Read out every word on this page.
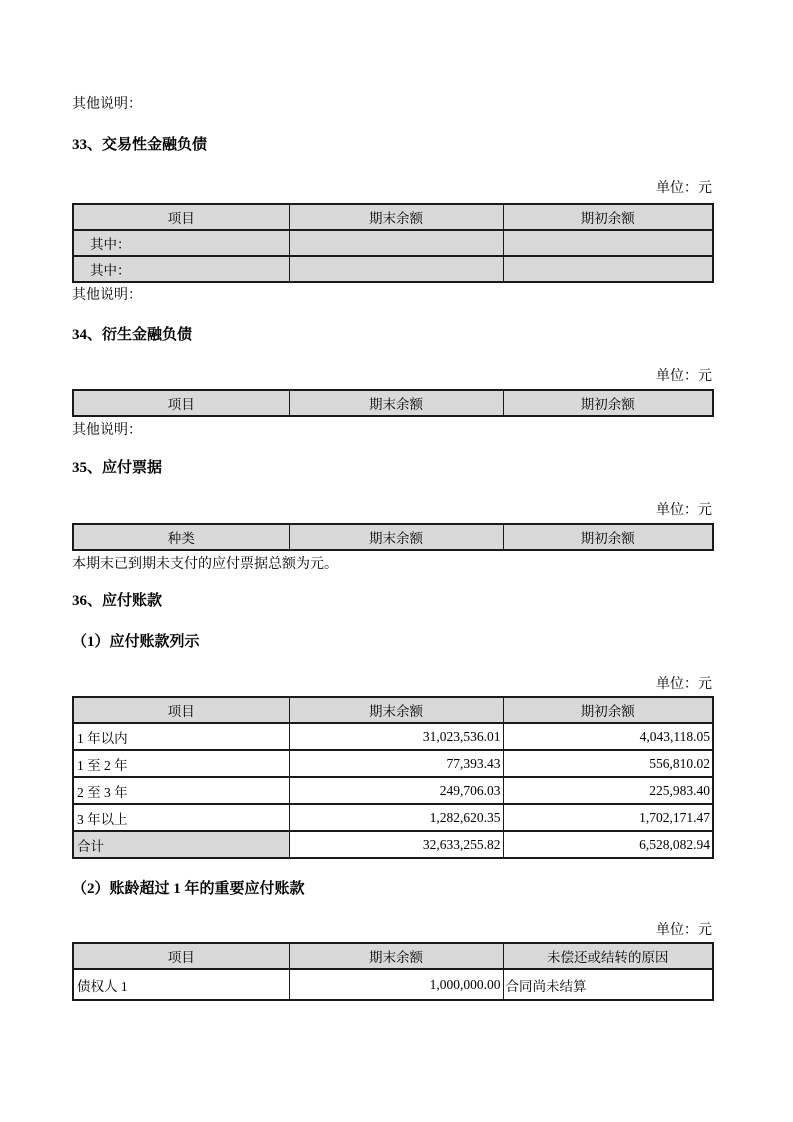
其他说明：

33、交易性金融负债

单位：元

项目	期末余额	期初余额
其中：		
其中：		

其他说明：

34、衍生金融负债

单位：元

项目	期末余额	期初余额

其他说明：

35、应付票据

单位：元

种类	期末余额	期初余额

本期末已到期未支付的应付票据总额为元。

36、应付账款
（1）应付账款列示

单位：元

项目	期末余额	期初余额
1 年以内	31,023,536.01	4,043,118.05
1 至 2 年	77,393.43	556,810.02
2 至 3 年	249,706.03	225,983.40
3 年以上	1,282,620.35	1,702,171.47
合计	32,633,255.82	6,528,082.94
（2）账龄超过 1 年的重要应付账款

单位：元

项目	期末余额	未偿还或结转的原因
债权人 1	1,000,000.00	合同尚未结算
